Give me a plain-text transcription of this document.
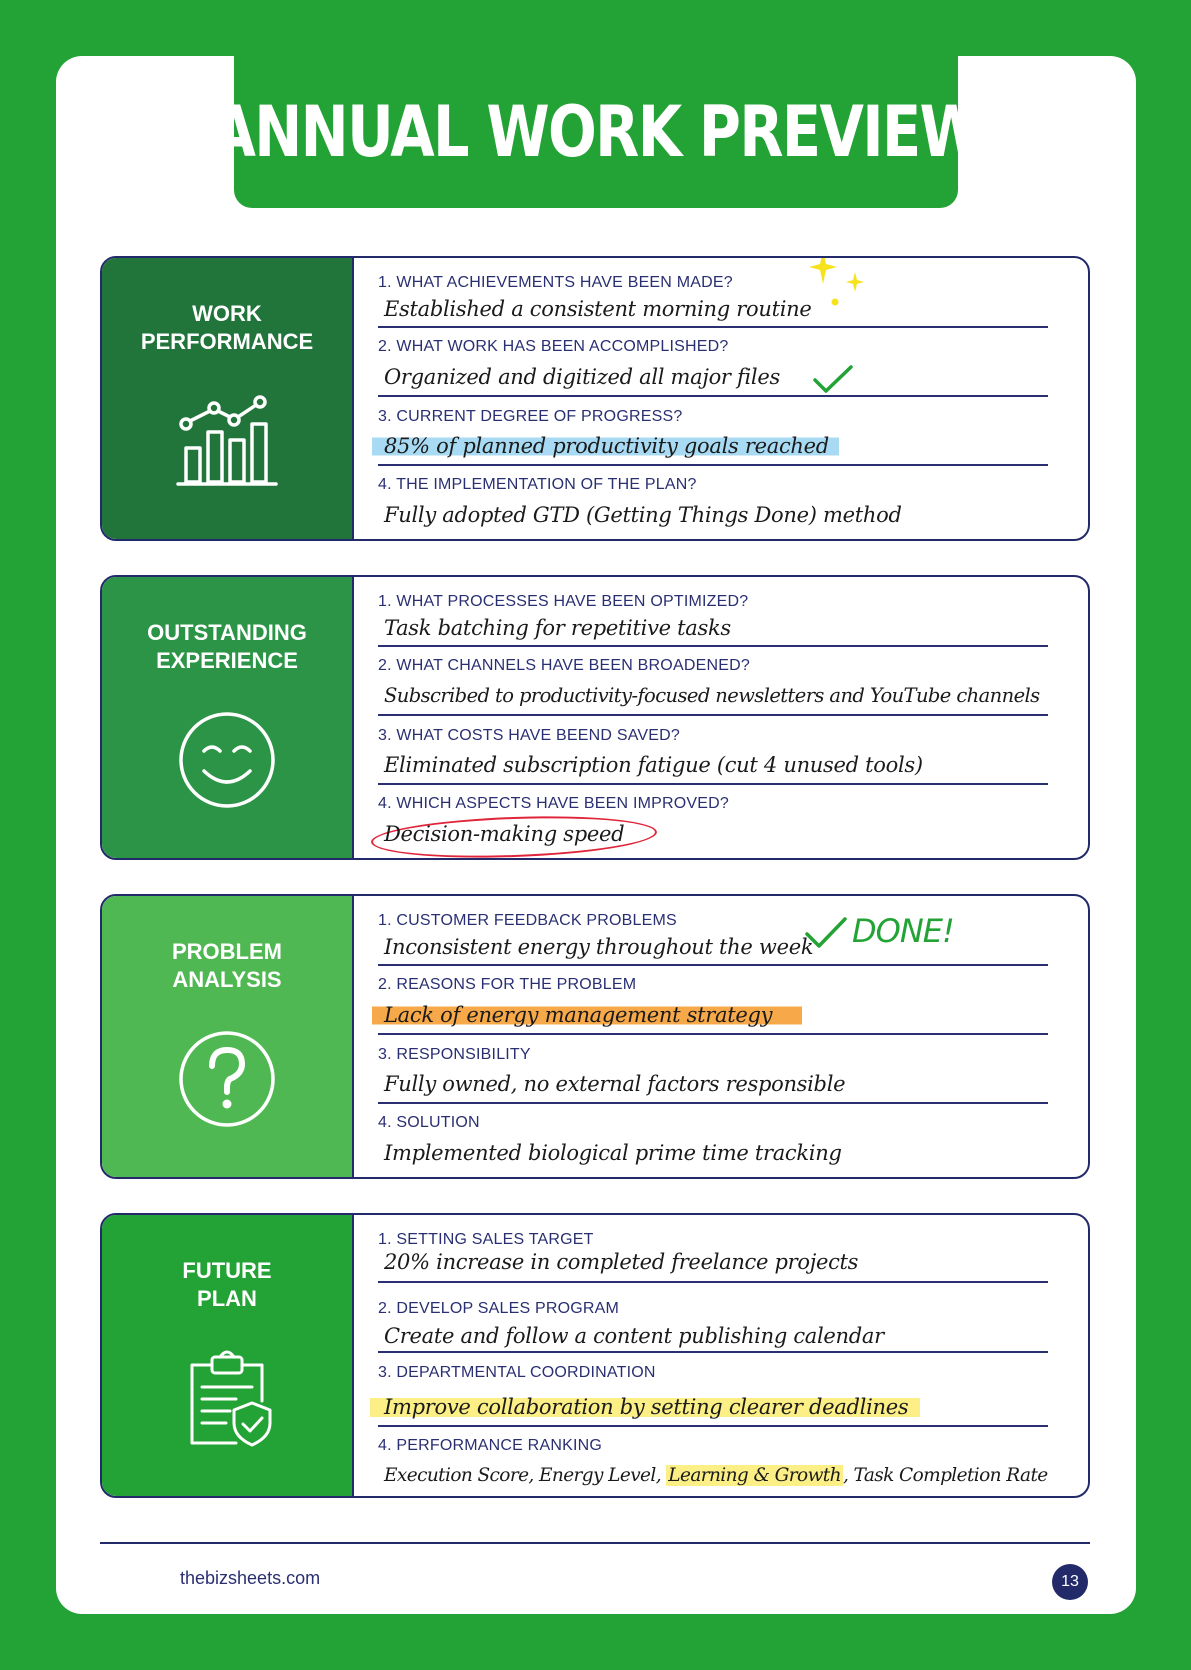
ANNUAL WORK PREVIEW
WORK PERFORMANCE
1. WHAT ACHIEVEMENTS HAVE BEEN MADE?
Established a consistent morning routine
2. WHAT WORK HAS BEEN ACCOMPLISHED?
Organized and digitized all major files
3. CURRENT DEGREE OF PROGRESS?
85% of planned productivity goals reached
4. THE IMPLEMENTATION OF THE PLAN?
Fully adopted GTD (Getting Things Done) method
OUTSTANDING EXPERIENCE
1. WHAT PROCESSES HAVE BEEN OPTIMIZED?
Task batching for repetitive tasks
2. WHAT CHANNELS HAVE BEEN BROADENED?
Subscribed to productivity-focused newsletters and YouTube channels
3. WHAT COSTS HAVE BEEND SAVED?
Eliminated subscription fatigue (cut 4 unused tools)
4. WHICH ASPECTS HAVE BEEN IMPROVED?
Decision-making speed
PROBLEM ANALYSIS
1. CUSTOMER FEEDBACK PROBLEMS
Inconsistent energy throughout the week DONE!
2. REASONS FOR THE PROBLEM
Lack of energy management strategy
3. RESPONSIBILITY
Fully owned, no external factors responsible
4. SOLUTION
Implemented biological prime time tracking
FUTURE PLAN
1. SETTING SALES TARGET
20% increase in completed freelance projects
2. DEVELOP SALES PROGRAM
Create and follow a content publishing calendar
3. DEPARTMENTAL COORDINATION
Improve collaboration by setting clearer deadlines
4. PERFORMANCE RANKING
Execution Score, Energy Level, Learning & Growth , Task Completion Rate
thebizsheets.com	13
